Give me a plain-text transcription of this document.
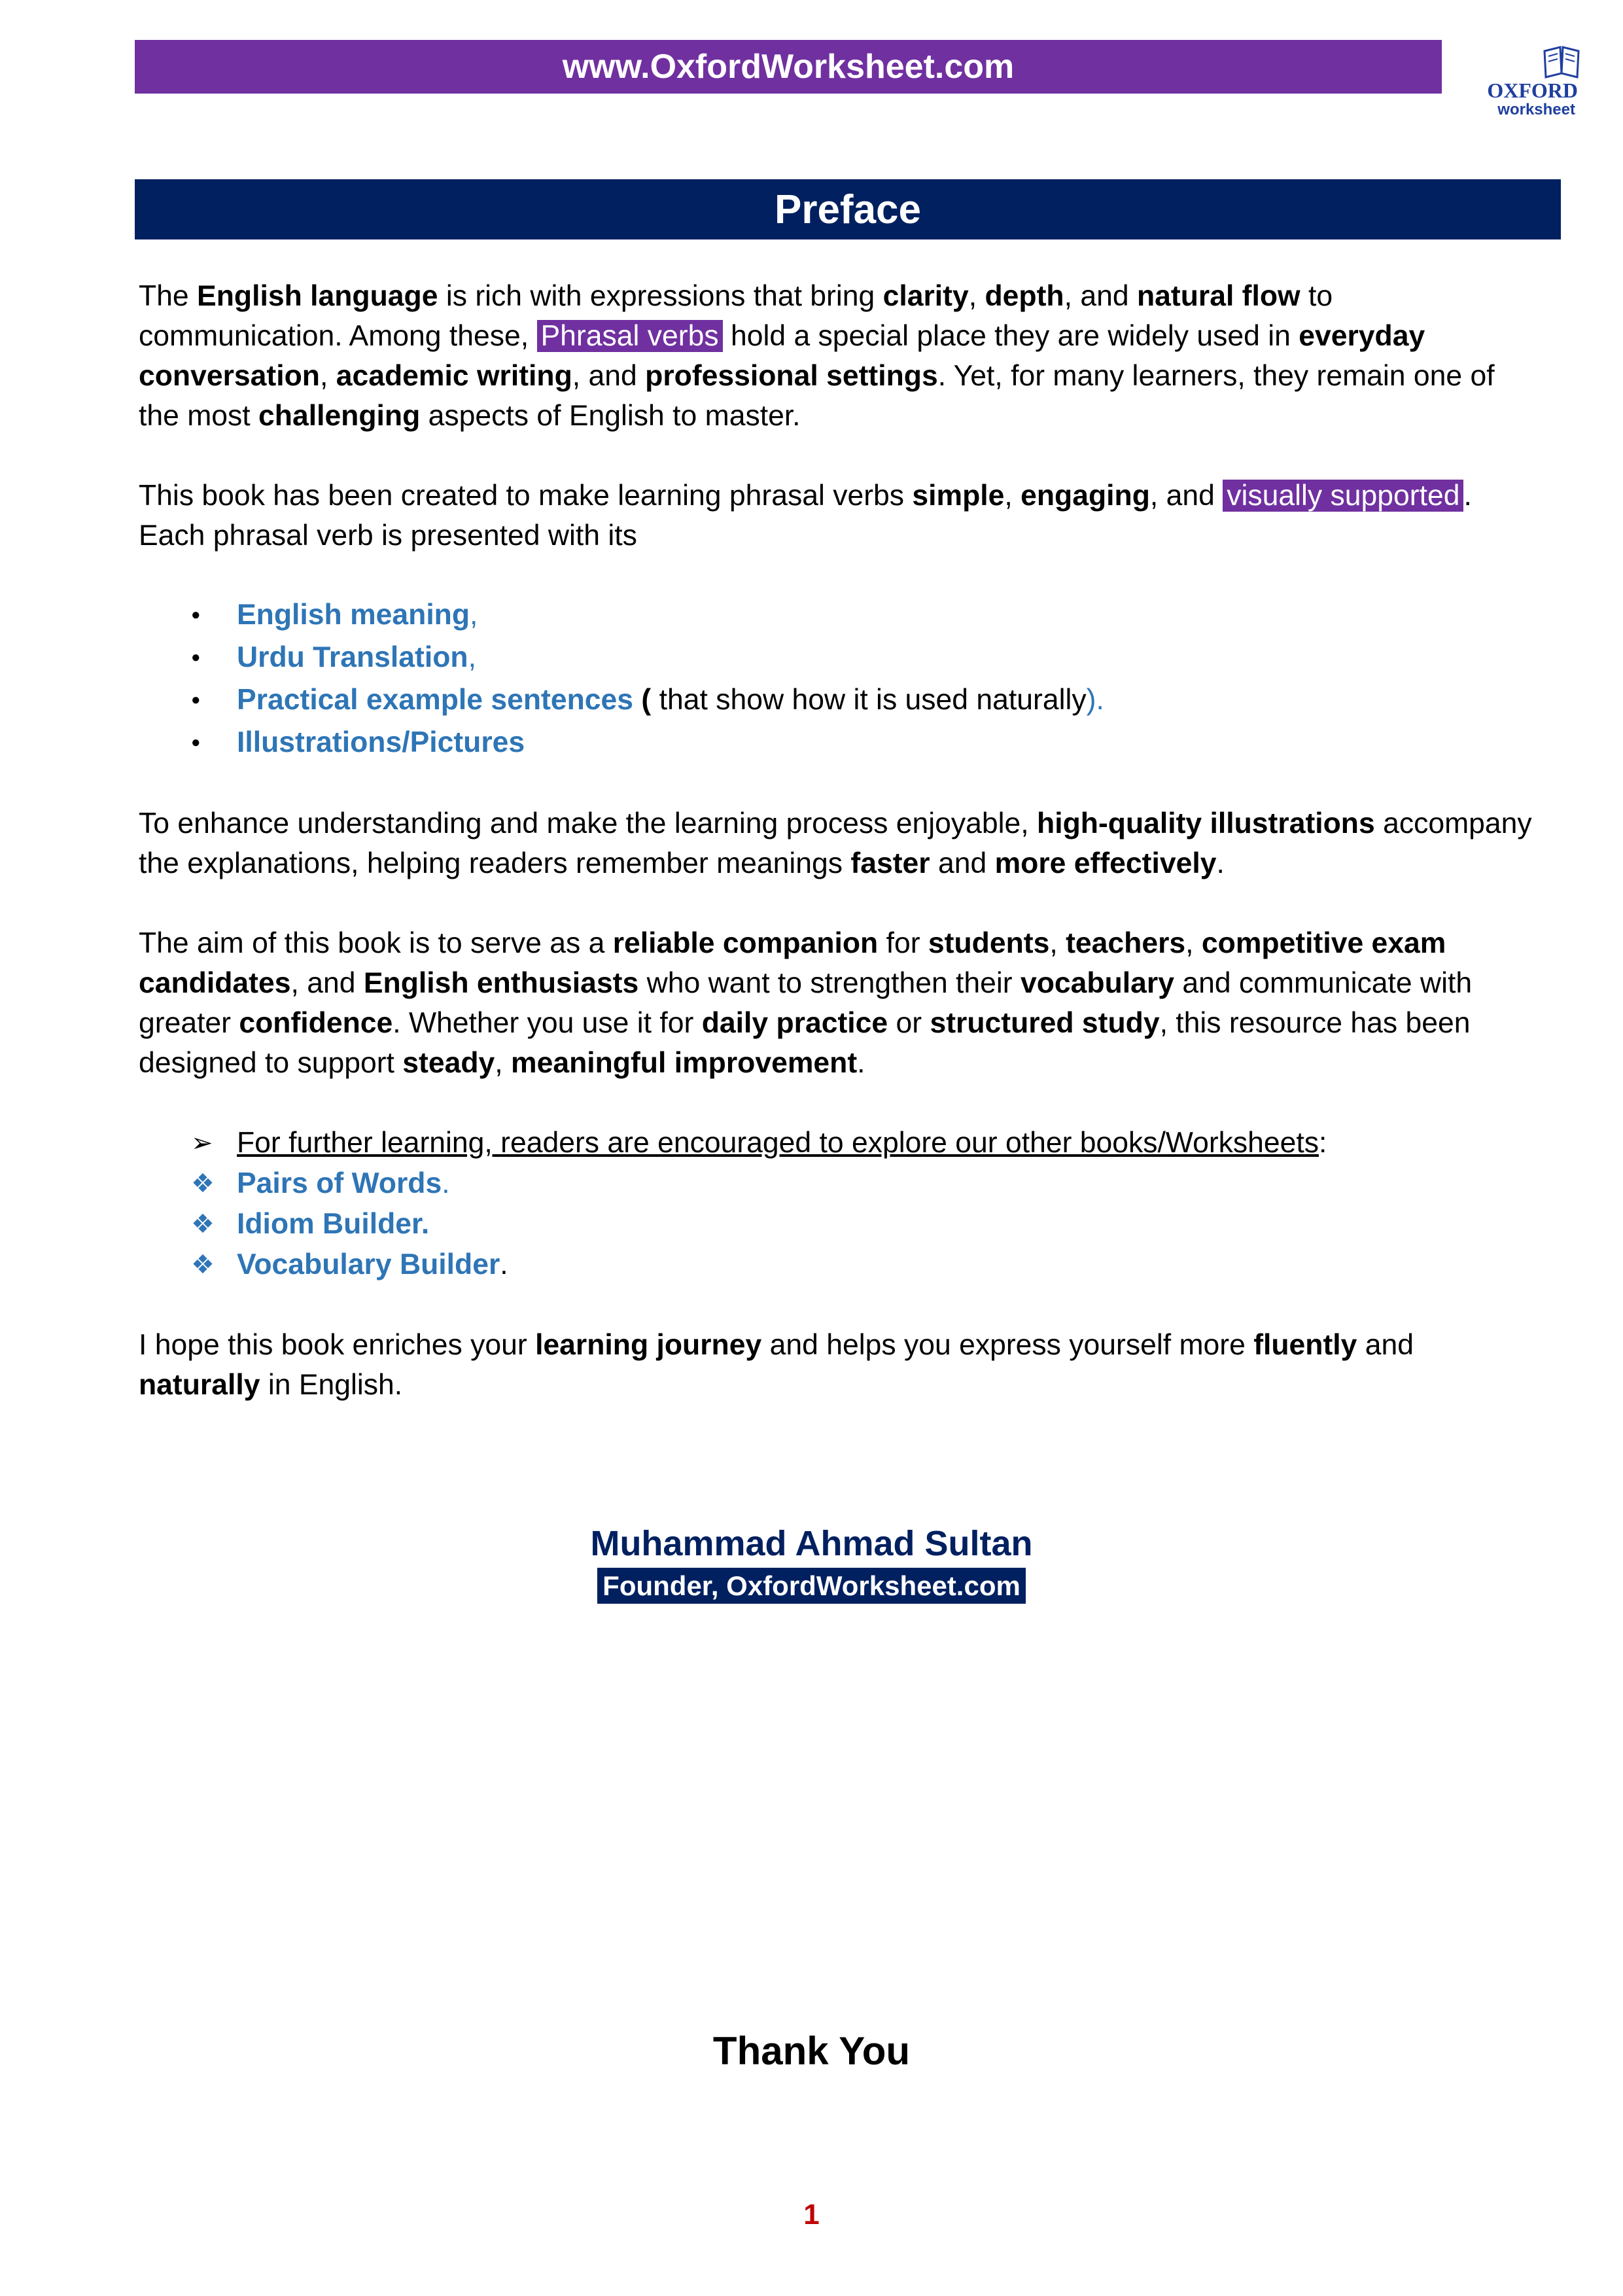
www.OxfordWorksheet.com
OXFORD
worksheet
Preface

The English language is rich with expressions that bring clarity, depth, and natural flow to communication. Among these, Phrasal verbs hold a special place they are widely used in everyday conversation, academic writing, and professional settings. Yet, for many learners, they remain one of the most challenging aspects of English to master.

This book has been created to make learning phrasal verbs simple, engaging, and visually supported . Each phrasal verb is presented with its

● English meaning,
● Urdu Translation,
● Practical example sentences ( that show how it is used naturally).
● Illustrations/Pictures

To enhance understanding and make the learning process enjoyable, high-quality illustrations accompany the explanations, helping readers remember meanings faster and more effectively.

The aim of this book is to serve as a reliable companion for students, teachers, competitive exam candidates, and English enthusiasts who want to strengthen their vocabulary and communicate with greater confidence. Whether you use it for daily practice or structured study, this resource has been designed to support steady, meaningful improvement.

➢ For further learning, readers are encouraged to explore our other books/Worksheets:
❖ Pairs of Words.
❖ Idiom Builder.
❖ Vocabulary Builder.

I hope this book enriches your learning journey and helps you express yourself more fluently and naturally in English.

Muhammad Ahmad Sultan
Founder, OxfordWorksheet.com
Thank You
1
